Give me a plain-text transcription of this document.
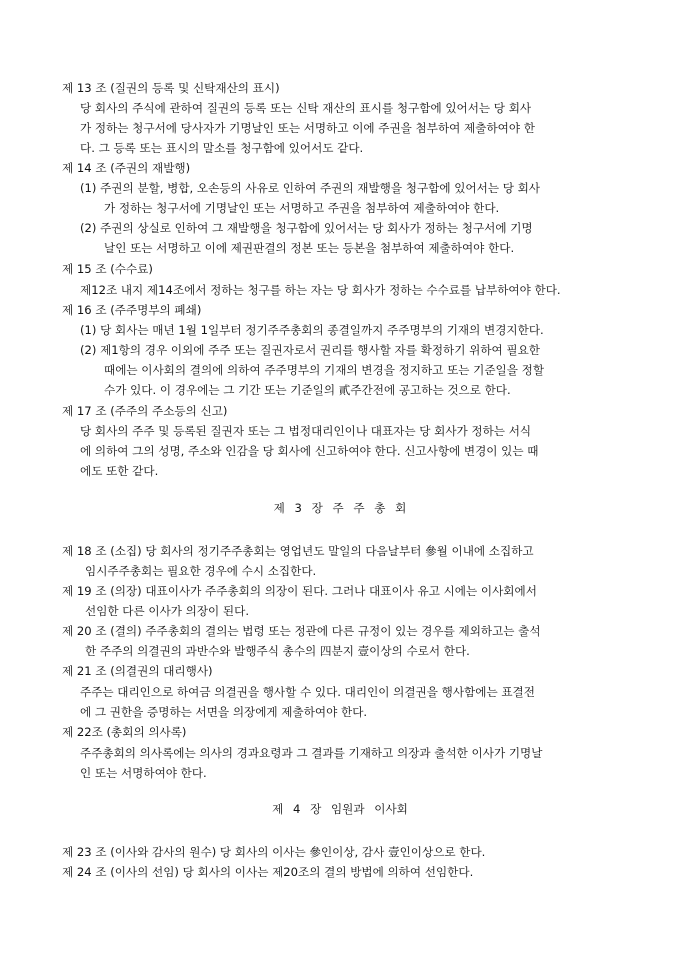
제 13 조 (질권의 등록 및 신탁재산의 표시)
당 회사의 주식에 관하여 질권의 등록 또는 신탁 재산의 표시를 청구함에 있어서는 당 회사
가 정하는 청구서에 당사자가 기명날인 또는 서명하고 이에 주권을 첨부하여 제출하여야 한
다. 그 등록 또는 표시의 말소를 청구함에 있어서도 같다.
제 14 조 (주권의 재발행)
(1) 주권의 분할, 병합, 오손등의 사유로 인하여 주권의 재발행을 청구함에 있어서는 당 회사
가 정하는 청구서에 기명날인 또는 서명하고 주권을 첨부하여 제출하여야 한다.
(2) 주권의 상실로 인하여 그 재발행을 청구함에 있어서는 당 회사가 정하는 청구서에 기명
날인 또는 서명하고 이에 제권판결의 정본 또는 등본을 첨부하여 제출하여야 한다.
제 15 조 (수수료)
제12조 내지 제14조에서 정하는 청구를 하는 자는 당 회사가 정하는 수수료를 납부하여야 한다.
제 16 조 (주주명부의 폐쇄)
(1) 당 회사는 매년 1월 1일부터 정기주주총회의 종결일까지 주주명부의 기재의 변경지한다.
(2) 제1항의 경우 이외에 주주 또는 질권자로서 권리를 행사할 자를 확정하기 위하여 필요한
때에는 이사회의 결의에 의하여 주주명부의 기재의 변경을 정지하고 또는 기준일을 정할
수가 있다. 이 경우에는 그 기간 또는 기준일의 貳주간전에 공고하는 것으로 한다.
제 17 조 (주주의 주소등의 신고)
당 회사의 주주 및 등록된 질권자 또는 그 법정대리인이나 대표자는 당 회사가 정하는 서식
에 의하여 그의 성명, 주소와 인감을 당 회사에 신고하여야 한다. 신고사항에 변경이 있는 때
에도 또한 같다.
제 3 장 주 주 총 회
제 18 조 (소집) 당 회사의 정기주주총회는 영업년도 말일의 다음날부터 參월 이내에 소집하고
임시주주총회는 필요한 경우에 수시 소집한다.
제 19 조 (의장) 대표이사가 주주총회의 의장이 된다. 그러나 대표이사 유고 시에는 이사회에서
선임한 다른 이사가 의장이 된다.
제 20 조 (결의) 주주총회의 결의는 법령 또는 정관에 다른 규정이 있는 경우를 제외하고는 출석
한 주주의 의결권의 과반수와 발행주식 총수의 四분지 壹이상의 수로서 한다.
제 21 조 (의결권의 대리행사)
주주는 대리인으로 하여금 의결권을 행사할 수 있다. 대리인이 의결권을 행사함에는 표결전
에 그 권한을 증명하는 서면을 의장에게 제출하여야 한다.
제 22조 (총회의 의사록)
주주총회의 의사록에는 의사의 경과요령과 그 결과를 기재하고 의장과 출석한 이사가 기명날
인 또는 서명하여야 한다.
제 4 장 임원과 이사회
제 23 조 (이사와 감사의 원수) 당 회사의 이사는 參인이상, 감사 壹인이상으로 한다.
제 24 조 (이사의 선임) 당 회사의 이사는 제20조의 결의 방법에 의하여 선임한다.
